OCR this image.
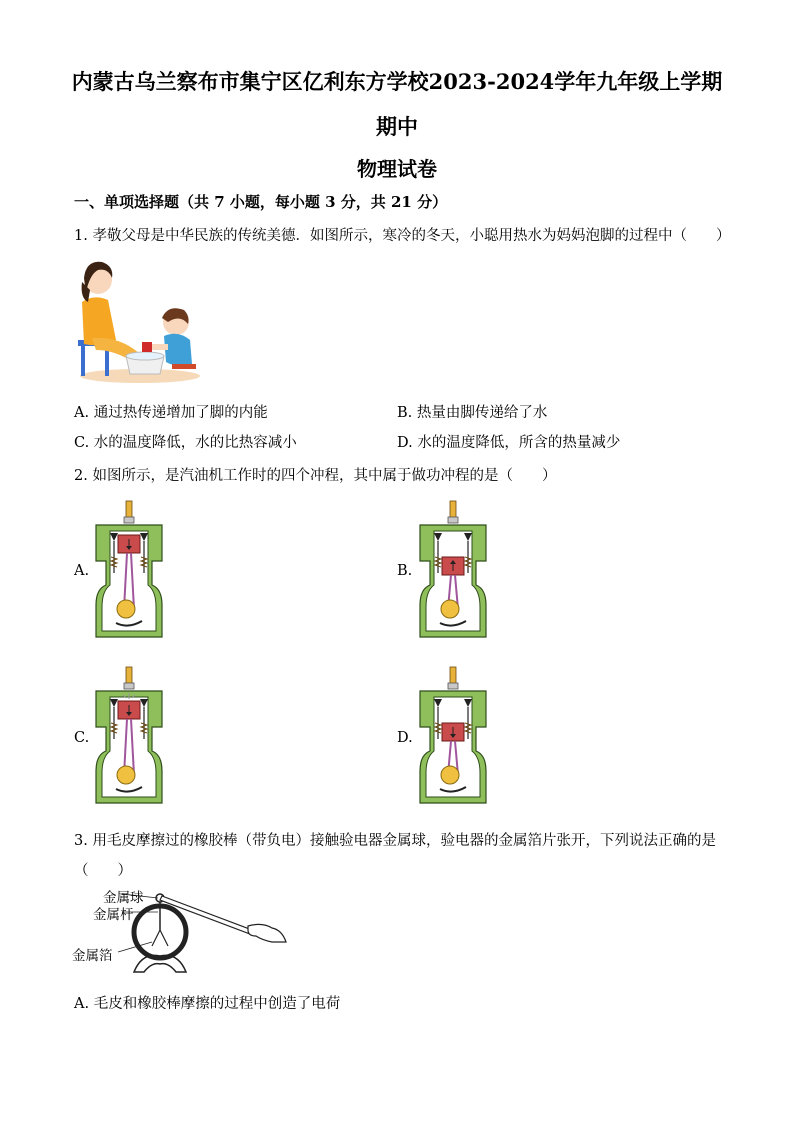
内蒙古乌兰察布市集宁区亿利东方学校2023-2024学年九年级上学期
期中
物理试卷
一、单项选择题（共 7 小题，每小题 3 分，共 21 分）
1. 孝敬父母是中华民族的传统美德．如图所示，寒冷的冬天，小聪用热水为妈妈泡脚的过程中（　　）
A. 通过热传递增加了脚的内能	B. 热量由脚传递给了水
C. 水的温度降低，水的比热容减小	D. 水的温度降低，所含的热量减少
2. 如图所示，是汽油机工作时的四个冲程，其中属于做功冲程的是（　　）
A.	B.
C.	D.
3. 用毛皮摩擦过的橡胶棒（带负电）接触验电器金属球，验电器的金属箔片张开，下列说法正确的是
（　　）
金属球
金属杆
金属箔
A. 毛皮和橡胶棒摩擦的过程中创造了电荷
